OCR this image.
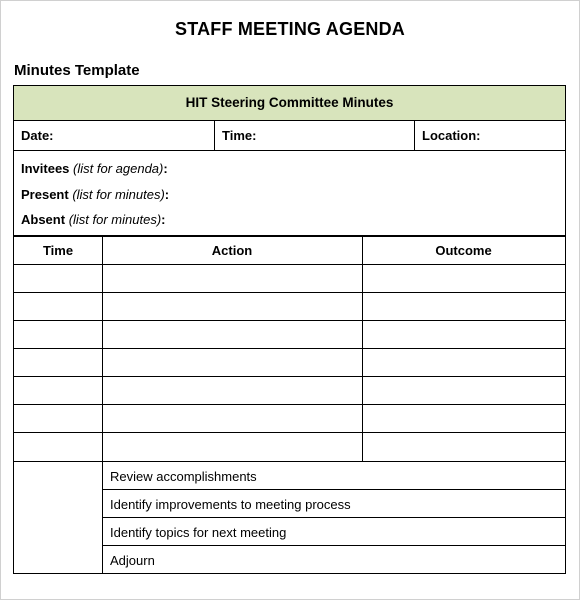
STAFF MEETING AGENDA
Minutes Template
HIT Steering Committee Minutes
Date:	Time:	Location:
Invitees (list for agenda):
Present (list for minutes):
Absent (list for minutes):
Time	Action	Outcome
Review accomplishments
Identify improvements to meeting process
Identify topics for next meeting
Adjourn
